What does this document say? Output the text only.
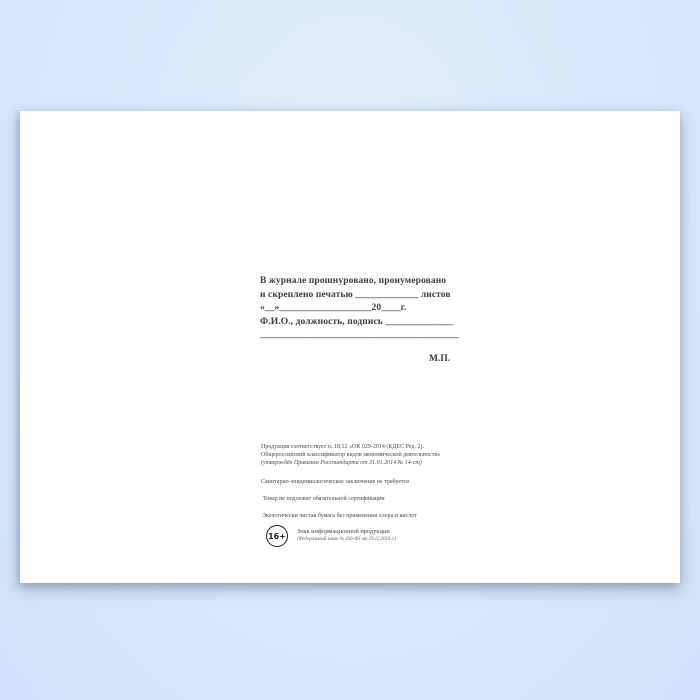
В журнале прошнуровано, пронумеровано
и скреплено печатью _____________ листов
«__»___________________20____г.
Ф.И.О., должность, подпись ______________
_________________________________________
М.П.
Продукция соответствует п. 18.12 «ОК 029-2014 (КДЕС Ред. 2).
Общероссийский классификатор видов экономической деятельности»
(утверждён Приказом Росстандарта от 31.01.2014 № 14-ст)
Санитарно-эпидемиологическое заключение не требуется
Товар не подлежит обязательной сертификации
Экологически чистая бумага без применения хлора и кислот
16+	Знак информационной продукции
(Федеральный закон № 436-ФЗ от 29.12.2010 г.)
